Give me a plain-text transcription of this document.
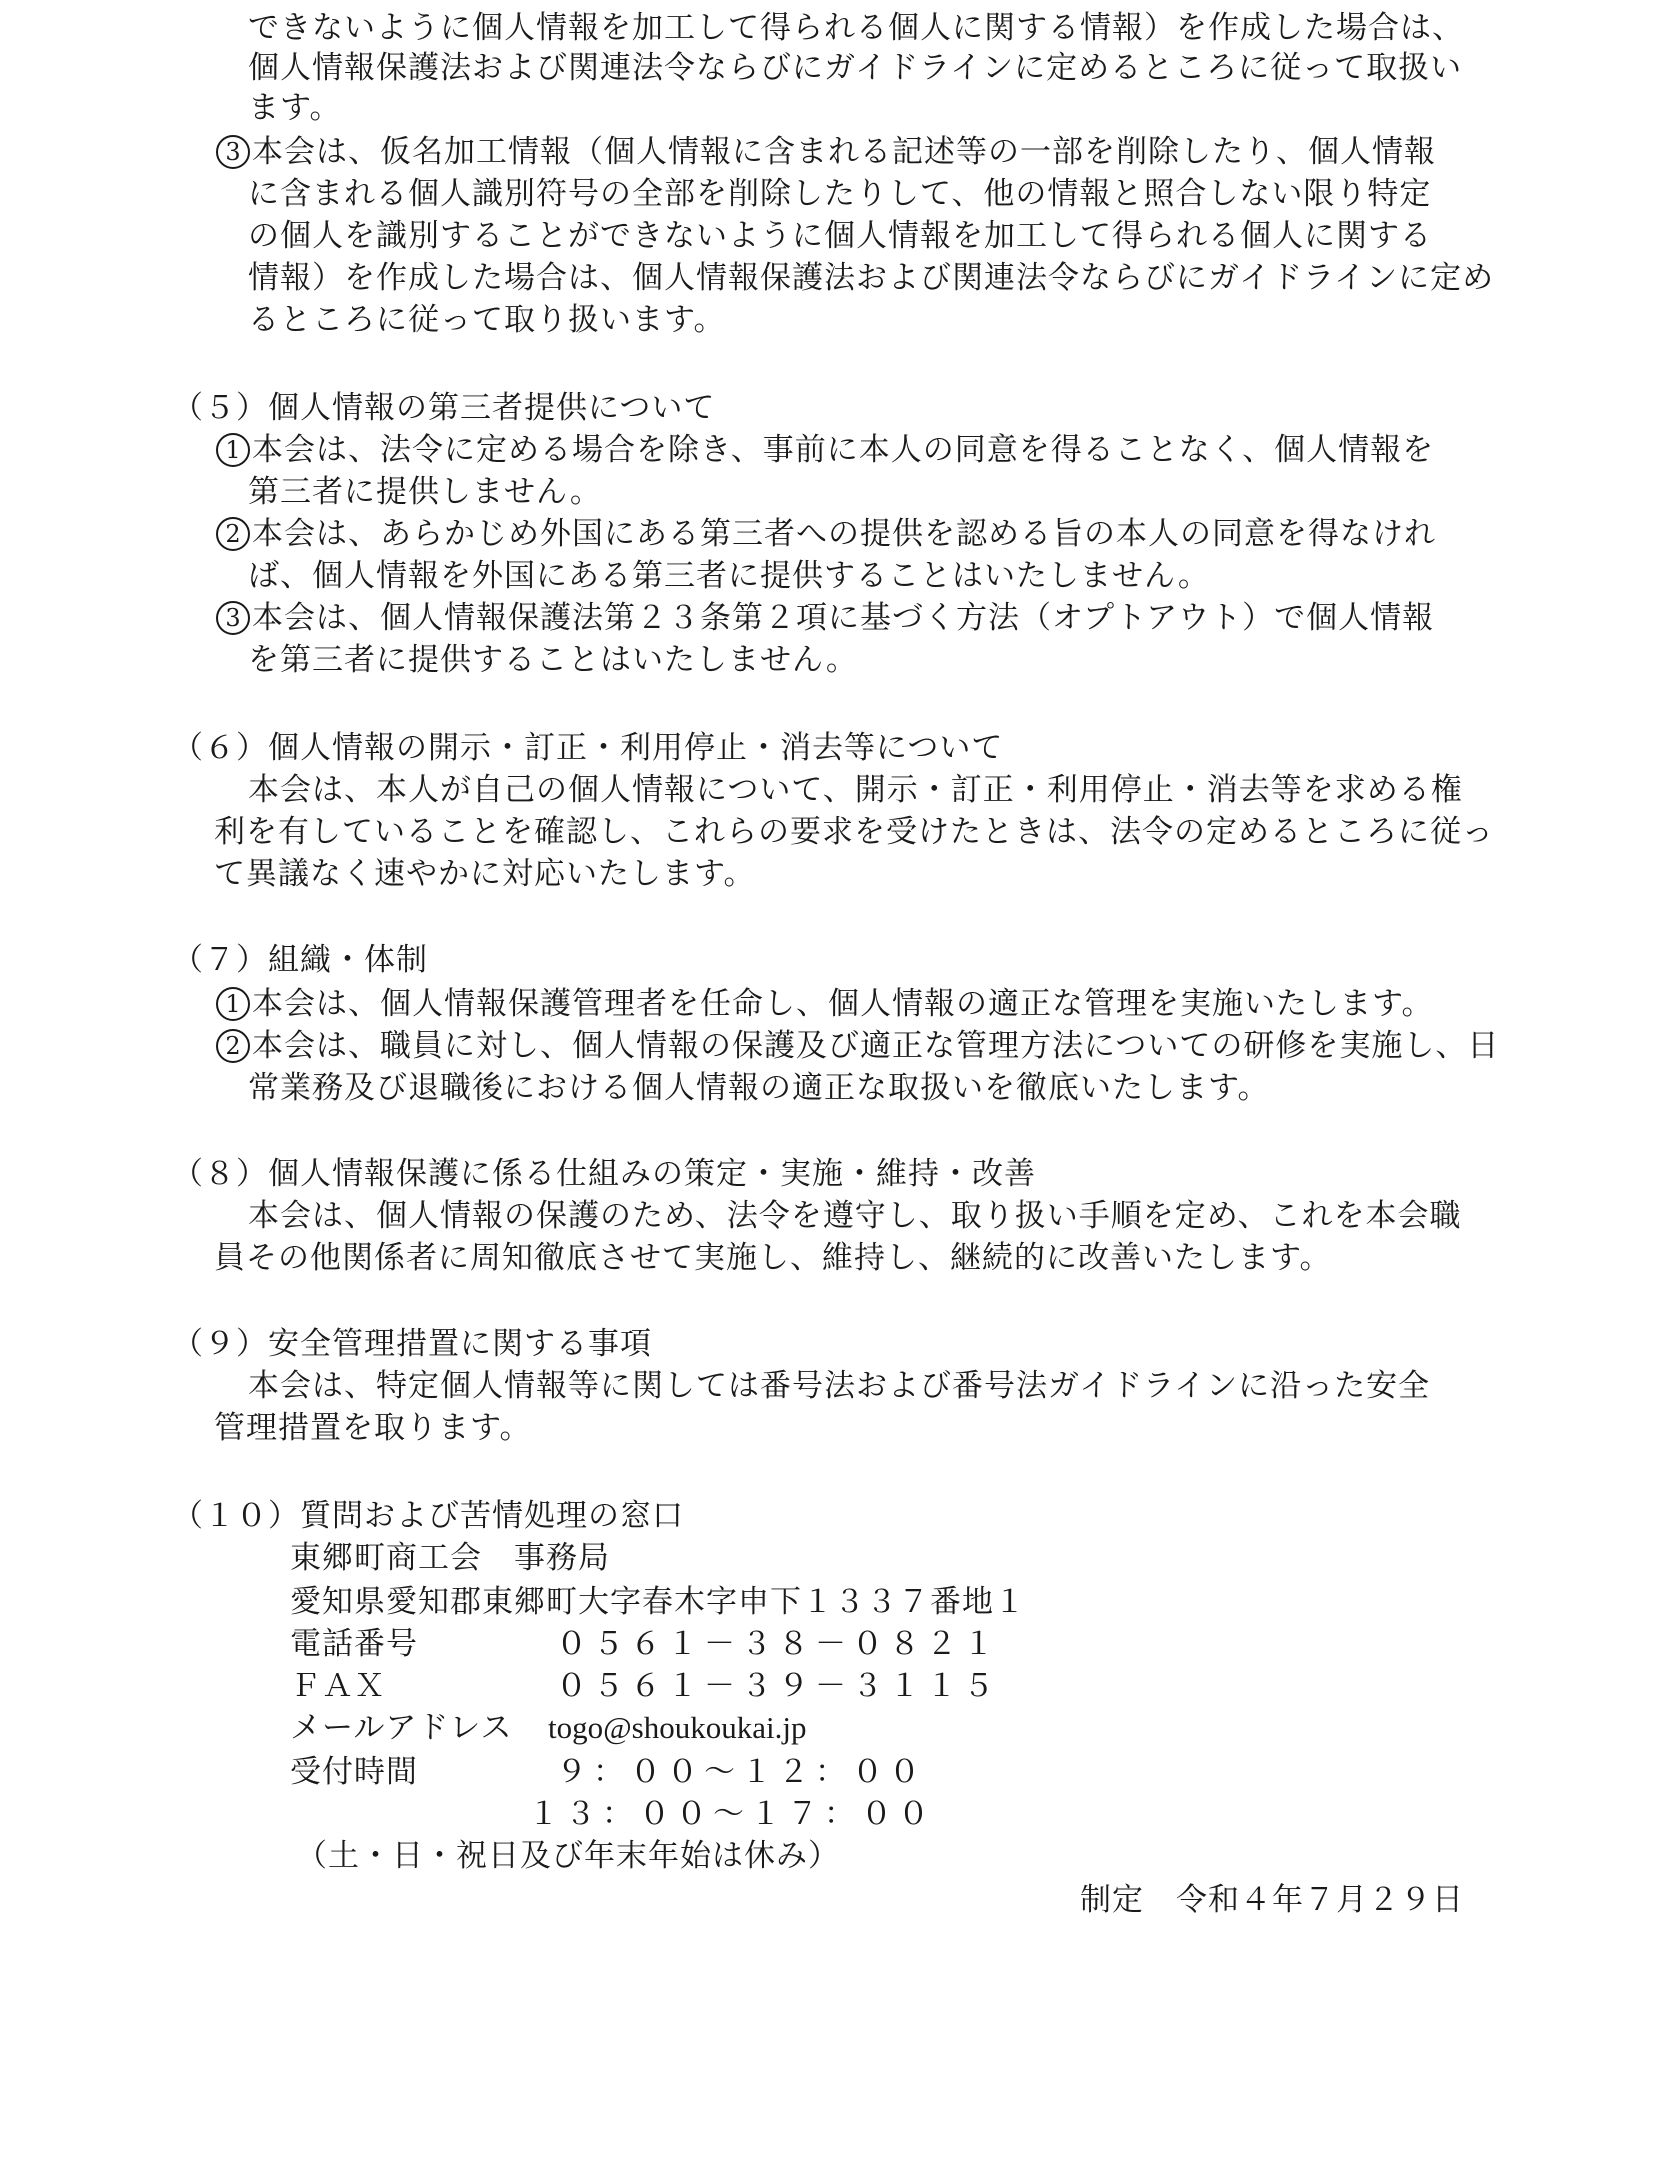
できないように個人情報を加工して得られる個人に関する情報）を作成した場合は、
個人情報保護法および関連法令ならびにガイドラインに定めるところに従って取扱い
ます。
3 本会は、仮名加工情報（個人情報に含まれる記述等の一部を削除したり、個人情報
に含まれる個人識別符号の全部を削除したりして、他の情報と照合しない限り特定
の個人を識別することができないように個人情報を加工して得られる個人に関する
情報）を作成した場合は、個人情報保護法および関連法令ならびにガイドラインに定め
るところに従って取り扱います。
（５）個人情報の第三者提供について
1 本会は、法令に定める場合を除き、事前に本人の同意を得ることなく、個人情報を
第三者に提供しません。
2 本会は、あらかじめ外国にある第三者への提供を認める旨の本人の同意を得なけれ
ば、個人情報を外国にある第三者に提供することはいたしません。
3 本会は、個人情報保護法第２３条第２項に基づく方法（オプトアウト）で個人情報
を第三者に提供することはいたしません。
（６）個人情報の開示・訂正・利用停止・消去等について
本会は、本人が自己の個人情報について、開示・訂正・利用停止・消去等を求める権
利を有していることを確認し、これらの要求を受けたときは、法令の定めるところに従っ
て異議なく速やかに対応いたします。
（７）組織・体制
1 本会は、個人情報保護管理者を任命し、個人情報の適正な管理を実施いたします。
2 本会は、職員に対し、個人情報の保護及び適正な管理方法についての研修を実施し、日
常業務及び退職後における個人情報の適正な取扱いを徹底いたします。
（８）個人情報保護に係る仕組みの策定・実施・維持・改善
本会は、個人情報の保護のため、法令を遵守し、取り扱い手順を定め、これを本会職
員その他関係者に周知徹底させて実施し、維持し、継続的に改善いたします。
（９）安全管理措置に関する事項
本会は、特定個人情報等に関しては番号法および番号法ガイドラインに沿った安全
管理措置を取ります。
（１０）質問および苦情処理の窓口
東郷町商工会　事務局
愛知県愛知郡東郷町大字春木字申下１３３７番地１
電話番号	０５６１－３８－０８２１
ＦＡＸ	０５６１－３９－３１１５
メールアドレス togo@shoukoukai.jp
受付時間	９：００～１２：００
１３：００～１７：００
（土・日・祝日及び年末年始は休み）
制定　令和４年７月２９日
